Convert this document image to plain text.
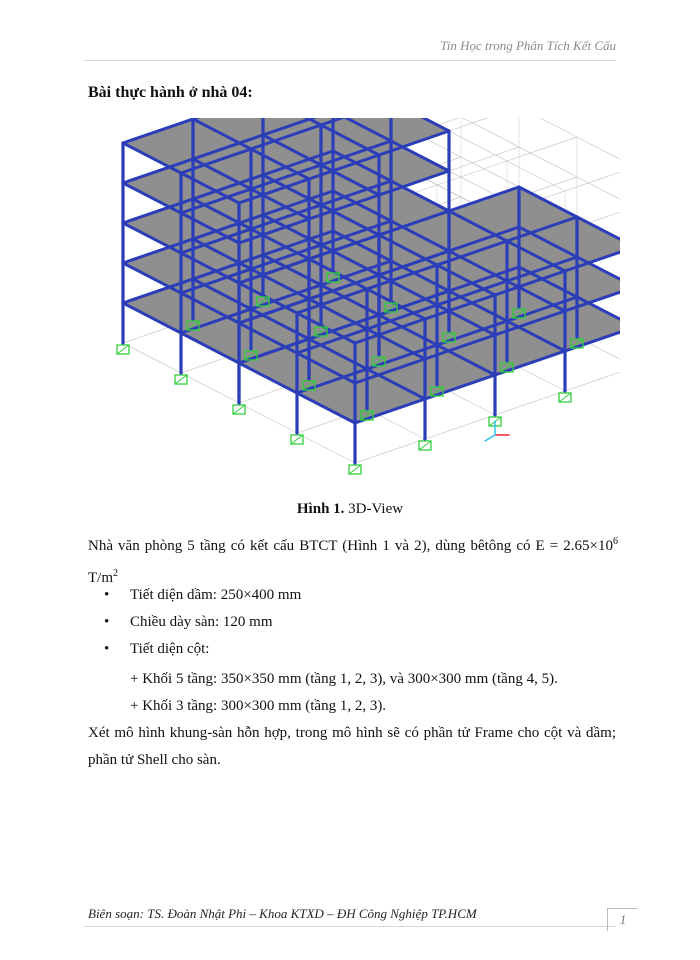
Tin Học trong Phân Tích Kết Cấu
Bài thực hành ở nhà 04:
Hình 1. 3D-View
Nhà văn phòng 5 tầng có kết cấu BTCT (Hình 1 và 2), dùng bêtông có $E = 2.65\times 10^6$ $T/m^2$
• Tiết diện dầm: 250×400 mm
• Chiều dày sàn: 120 mm
• Tiết diện cột:
+ Khối 5 tầng: 350×350 mm (tầng 1, 2, 3), và 300×300 mm (tầng 4, 5).
+ Khối 3 tầng: 300×300 mm (tầng 1, 2, 3).
Xét mô hình khung-sàn hỗn hợp, trong mô hình sẽ có phần tử Frame cho cột và dầm; phần tử Shell cho sàn.
Biên soạn: TS. Đoàn Nhật Phi – Khoa KTXD – ĐH Công Nghiệp TP.HCM	1
